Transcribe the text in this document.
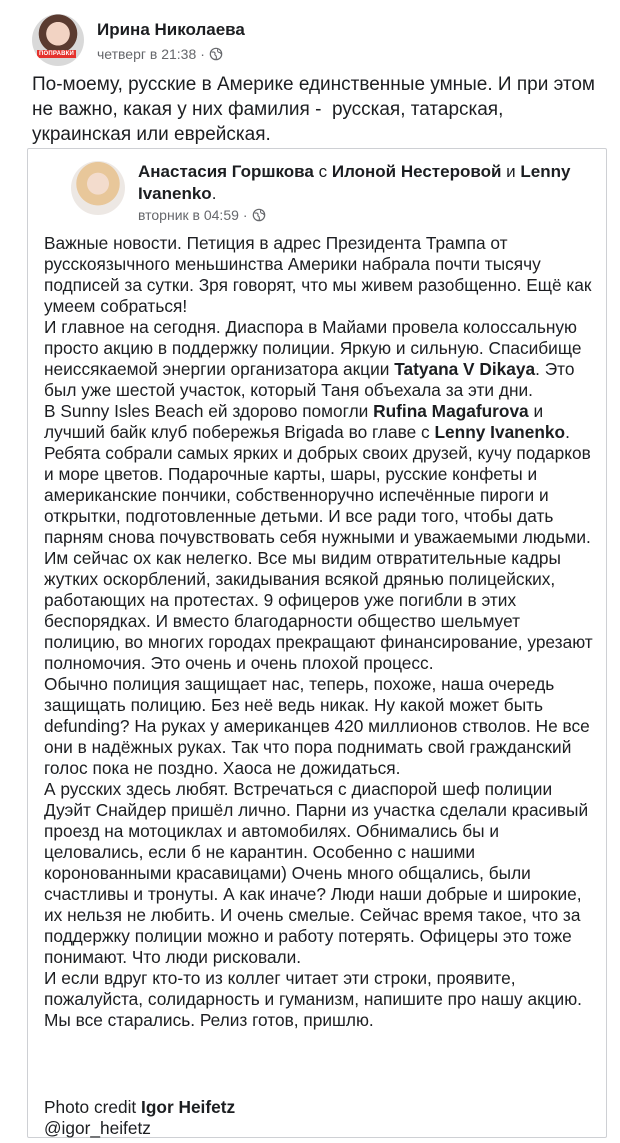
ПОПРАВКИ
Ирина Николаева
четверг в 21:38 ·
По-моему, русские в Америке единственные умные. И при этом не важно, какая у них фамилия -  русская, татарская, украинская или еврейская.
Анастасия Горшкова с Илоной Нестеровой и Lenny Ivanenko.
вторник в 04:59 ·

Важные новости. Петиция в адрес Президента Трампа от русскоязычного меньшинства Америки набрала почти тысячу подписей за сутки. Зря говорят, что мы живем разобщенно. Ещё как умеем собраться!

И главное на сегодня. Диаспора в Майами провела колоссальную просто акцию в поддержку полиции. Яркую и сильную. Спасибище неиссякаемой энергии организатора акции Tatyana V Dikaya. Это был уже шестой участок, который Таня объехала за эти дни.

В Sunny Isles Beach ей здорово помогли Rufina Magafurova и лучший байк клуб побережья Brigada во главе с Lenny Ivanenko. Ребята собрали самых ярких и добрых своих друзей, кучу подарков и море цветов. Подарочные карты, шары, русские конфеты и американские пончики, собственноручно испечённые пироги и открытки, подготовленные детьми. И все ради того, чтобы дать парням снова почувствовать себя нужными и уважаемыми людьми. Им сейчас ох как нелегко. Все мы видим отвратительные кадры жутких оскорблений, закидывания всякой дрянью полицейских, работающих на протестах. 9 офицеров уже погибли в этих беспорядках. И вместо благодарности общество шельмует полицию, во многих городах прекращают финансирование, урезают полномочия. Это очень и очень плохой процесс.

Обычно полиция защищает нас, теперь, похоже, наша очередь защищать полицию. Без неё ведь никак. Ну какой может быть defunding? На руках у американцев 420 миллионов стволов. Не все они в надёжных руках. Так что пора поднимать свой гражданский голос пока не поздно. Хаоса не дожидаться.

А русских здесь любят. Встречаться с диаспорой шеф полиции Дуэйт Снайдер пришёл лично. Парни из участка сделали красивый проезд на мотоциклах и автомобилях. Обнимались бы и целовались, если б не карантин. Особенно с нашими коронованными красавицами) Очень много общались, были счастливы и тронуты. А как иначе? Люди наши добрые и широкие, их нельзя не любить. И очень смелые. Сейчас время такое, что за поддержку полиции можно и работу потерять. Офицеры это тоже понимают. Что люди рисковали.

И если вдруг кто-то из коллег читает эти строки, проявите, пожалуйста, солидарность и гуманизм, напишите про нашу акцию. Мы все старались. Релиз готов, пришлю.

Photo credit Igor Heifetz
@igor_heifetz
